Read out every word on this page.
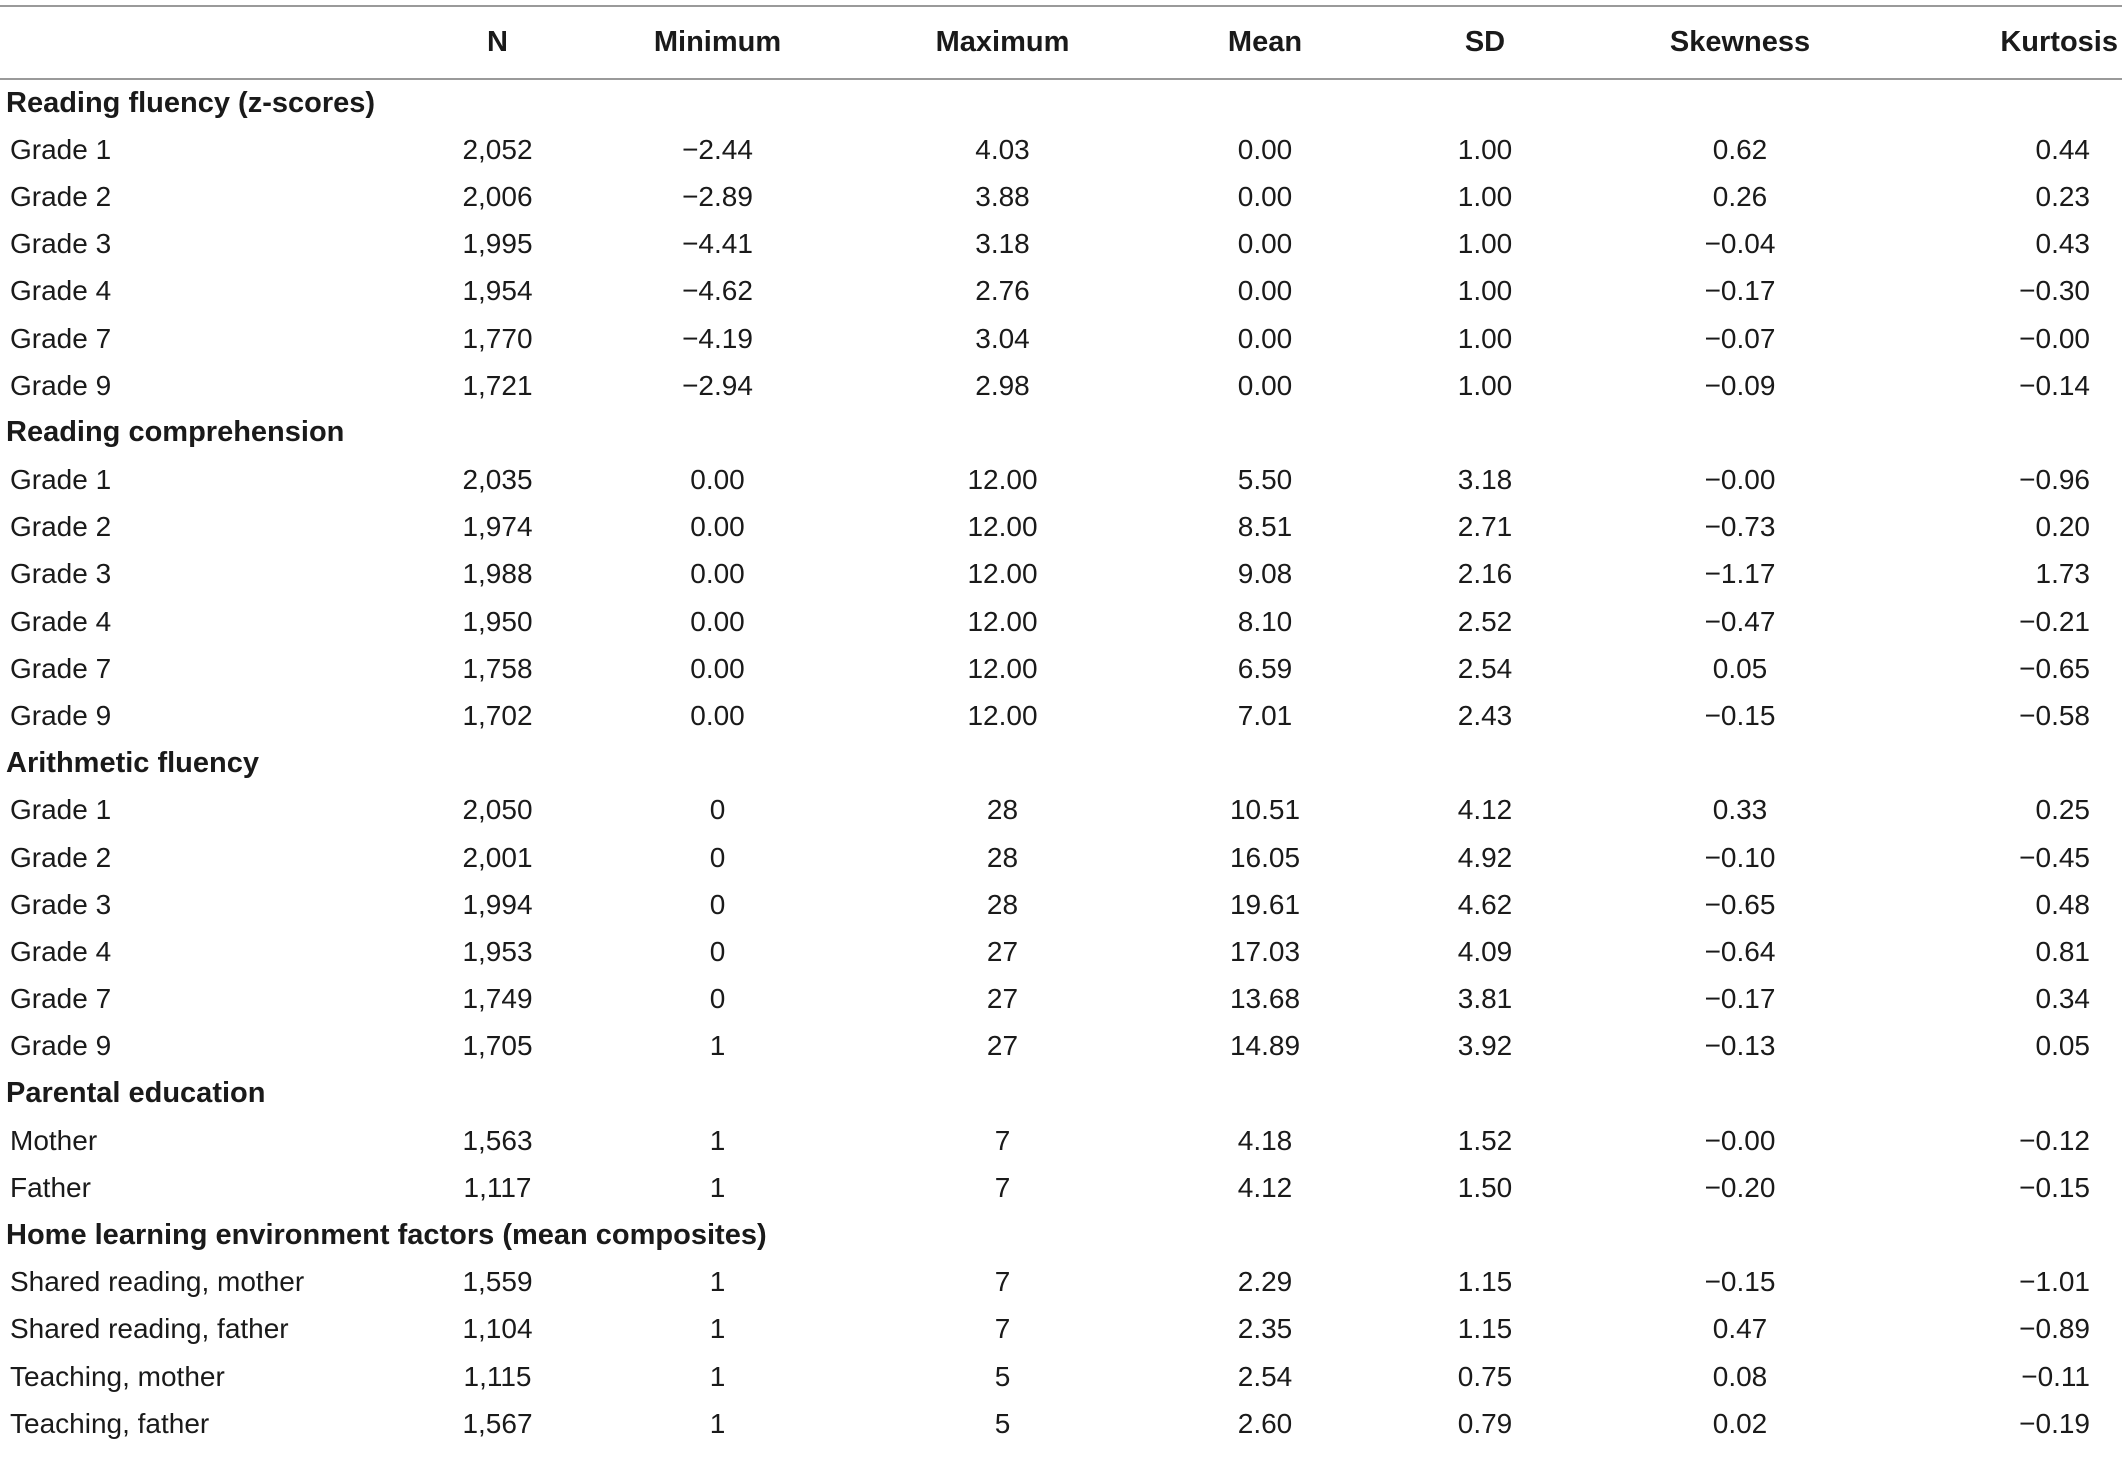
	N	Minimum	Maximum	Mean	SD	Skewness	Kurtosis
Reading fluency (z-scores)							
Grade 1	2,052	−2.44	4.03	0.00	1.00	0.62	0.44
Grade 2	2,006	−2.89	3.88	0.00	1.00	0.26	0.23
Grade 3	1,995	−4.41	3.18	0.00	1.00	−0.04	0.43
Grade 4	1,954	−4.62	2.76	0.00	1.00	−0.17	−0.30
Grade 7	1,770	−4.19	3.04	0.00	1.00	−0.07	−0.00
Grade 9	1,721	−2.94	2.98	0.00	1.00	−0.09	−0.14
Reading comprehension							
Grade 1	2,035	0.00	12.00	5.50	3.18	−0.00	−0.96
Grade 2	1,974	0.00	12.00	8.51	2.71	−0.73	0.20
Grade 3	1,988	0.00	12.00	9.08	2.16	−1.17	1.73
Grade 4	1,950	0.00	12.00	8.10	2.52	−0.47	−0.21
Grade 7	1,758	0.00	12.00	6.59	2.54	0.05	−0.65
Grade 9	1,702	0.00	12.00	7.01	2.43	−0.15	−0.58
Arithmetic fluency							
Grade 1	2,050	0	28	10.51	4.12	0.33	0.25
Grade 2	2,001	0	28	16.05	4.92	−0.10	−0.45
Grade 3	1,994	0	28	19.61	4.62	−0.65	0.48
Grade 4	1,953	0	27	17.03	4.09	−0.64	0.81
Grade 7	1,749	0	27	13.68	3.81	−0.17	0.34
Grade 9	1,705	1	27	14.89	3.92	−0.13	0.05
Parental education							
Mother	1,563	1	7	4.18	1.52	−0.00	−0.12
Father	1,117	1	7	4.12	1.50	−0.20	−0.15
Home learning environment factors (mean composites)							
Shared reading, mother	1,559	1	7	2.29	1.15	−0.15	−1.01
Shared reading, father	1,104	1	7	2.35	1.15	0.47	−0.89
Teaching, mother	1,115	1	5	2.54	0.75	0.08	−0.11
Teaching, father	1,567	1	5	2.60	0.79	0.02	−0.19
